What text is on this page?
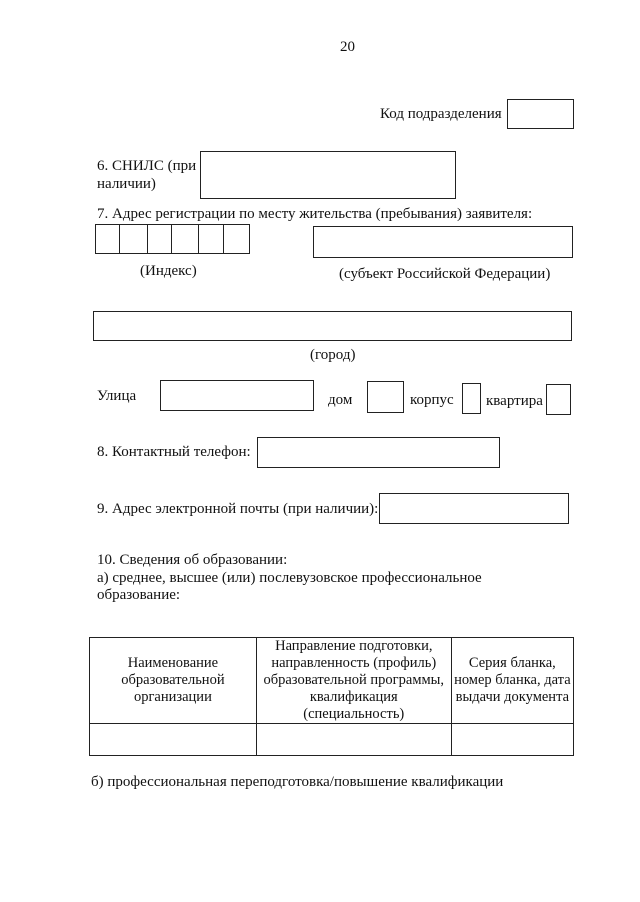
20
Код подразделения
6. СНИЛС (при
наличии)
7. Адрес регистрации по месту жительства (пребывания) заявителя:
(Индекс)	(субъект Российской Федерации)
(город)
Улица	дом	корпус квартира
8. Контактный телефон:
9. Адрес электронной почты (при наличии):
10. Сведения об образовании:
а) среднее, высшее (или) послевузовское профессиональное
образование:
Наименование образовательной организации	Направление подготовки, направленность (профиль) образовательной программы, квалификация (специальность)	Серия бланка, номер бланка, дата выдачи документа

б) профессиональная переподготовка/повышение квалификации
